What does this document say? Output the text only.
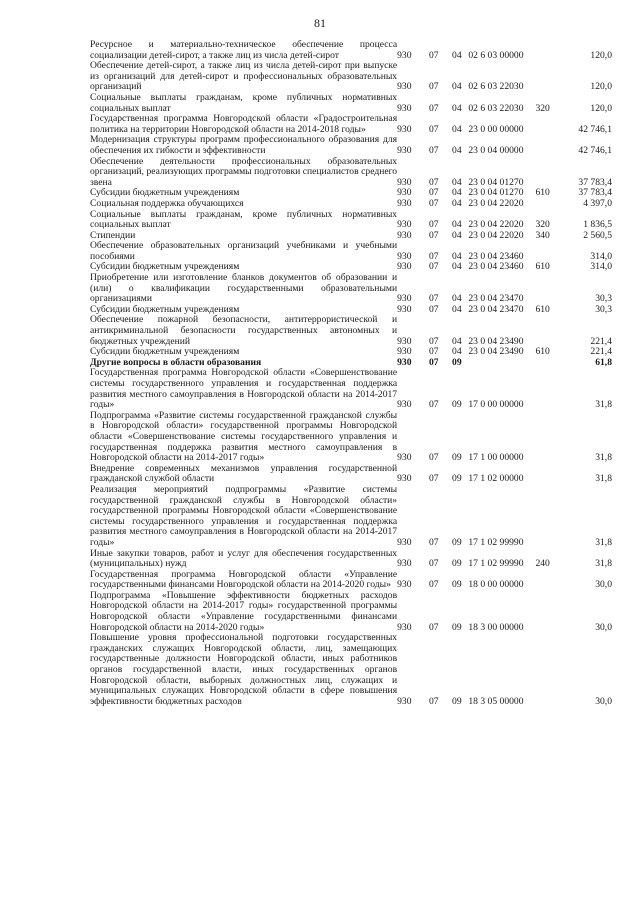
81
Ресурсное и материально-техническое обеспечение процесса социализации детей-сирот, а также лиц из числа детей-сирот	930	07	04	02 6 03 00000		120,0
Обеспечение детей-сирот, а также лиц из числа детей-сирот при выпуске из организаций для детей-сирот и профессиональных образовательных организаций	930	07	04	02 6 03 22030		120,0
Социальные выплаты гражданам, кроме публичных нормативных социальных выплат	930	07	04	02 6 03 22030	320	120,0
Государственная программа Новгородской области «Градостроительная политика на территории Новгородской области на 2014-2018 годы»	930	07	04	23 0 00 00000		42 746,1
Модернизация структуры программ профессионального образования для обеспечения их гибкости и эффективности	930	07	04	23 0 04 00000		42 746,1
Обеспечение деятельности профессиональных образовательных организаций, реализующих программы подготовки специалистов среднего звена	930	07	04	23 0 04 01270		37 783,4
Субсидии бюджетным учреждениям	930	07	04	23 0 04 01270	610	37 783,4
Социальная поддержка обучающихся	930	07	04	23 0 04 22020		4 397,0
Социальные выплаты гражданам, кроме публичных нормативных социальных выплат	930	07	04	23 0 04 22020	320	1 836,5
Стипендии	930	07	04	23 0 04 22020	340	2 560,5
Обеспечение образовательных организаций учебниками и учебными пособиями	930	07	04	23 0 04 23460		314,0
Субсидии бюджетным учреждениям	930	07	04	23 0 04 23460	610	314,0
Приобретение или изготовление бланков документов об образовании и (или) о квалификации государственными образовательными организациями	930	07	04	23 0 04 23470		30,3
Субсидии бюджетным учреждениям	930	07	04	23 0 04 23470	610	30,3
Обеспечение пожарной безопасности, антитеррористической и антикриминальной безопасности государственных автономных и бюджетных учреждений	930	07	04	23 0 04 23490		221,4
Субсидии бюджетным учреждениям	930	07	04	23 0 04 23490	610	221,4
Другие вопросы в области образования	930	07	09			61,8
Государственная программа Новгородской области «Совершенствование системы государственного управления и государственная поддержка развития местного самоуправления в Новгородской области на 2014-2017 годы»	930	07	09	17 0 00 00000		31,8
Подпрограмма «Развитие системы государственной гражданской службы в Новгородской области» государственной программы Новгородской области «Совершенствование системы государственного управления и государственная поддержка развития местного самоуправления в Новгородской области на 2014-2017 годы»	930	07	09	17 1 00 00000		31,8
Внедрение современных механизмов управления государственной гражданской службой области	930	07	09	17 1 02 00000		31,8
Реализация мероприятий подпрограммы «Развитие системы государственной гражданской службы в Новгородской области» государственной программы Новгородской области «Совершенствование системы государственного управления и государственная поддержка развития местного самоуправления в Новгородской области на 2014-2017 годы»	930	07	09	17 1 02 99990		31,8
Иные закупки товаров, работ и услуг для обеспечения государственных (муниципальных) нужд	930	07	09	17 1 02 99990	240	31,8
Государственная программа Новгородской области «Управление государственными финансами Новгородской области на 2014-2020 годы»	930	07	09	18 0 00 00000		30,0
Подпрограмма «Повышение эффективности бюджетных расходов Новгородской области на 2014-2017 годы» государственной программы Новгородской области «Управление государственными финансами Новгородской области на 2014-2020 годы»	930	07	09	18 3 00 00000		30,0
Повышение уровня профессиональной подготовки государственных гражданских служащих Новгородской области, лиц, замещающих государственные должности Новгородской области, иных работников органов государственной власти, иных государственных органов Новгородской области, выборных должностных лиц, служащих и муниципальных служащих Новгородской области в сфере повышения эффективности бюджетных расходов	930	07	09	18 3 05 00000		30,0
